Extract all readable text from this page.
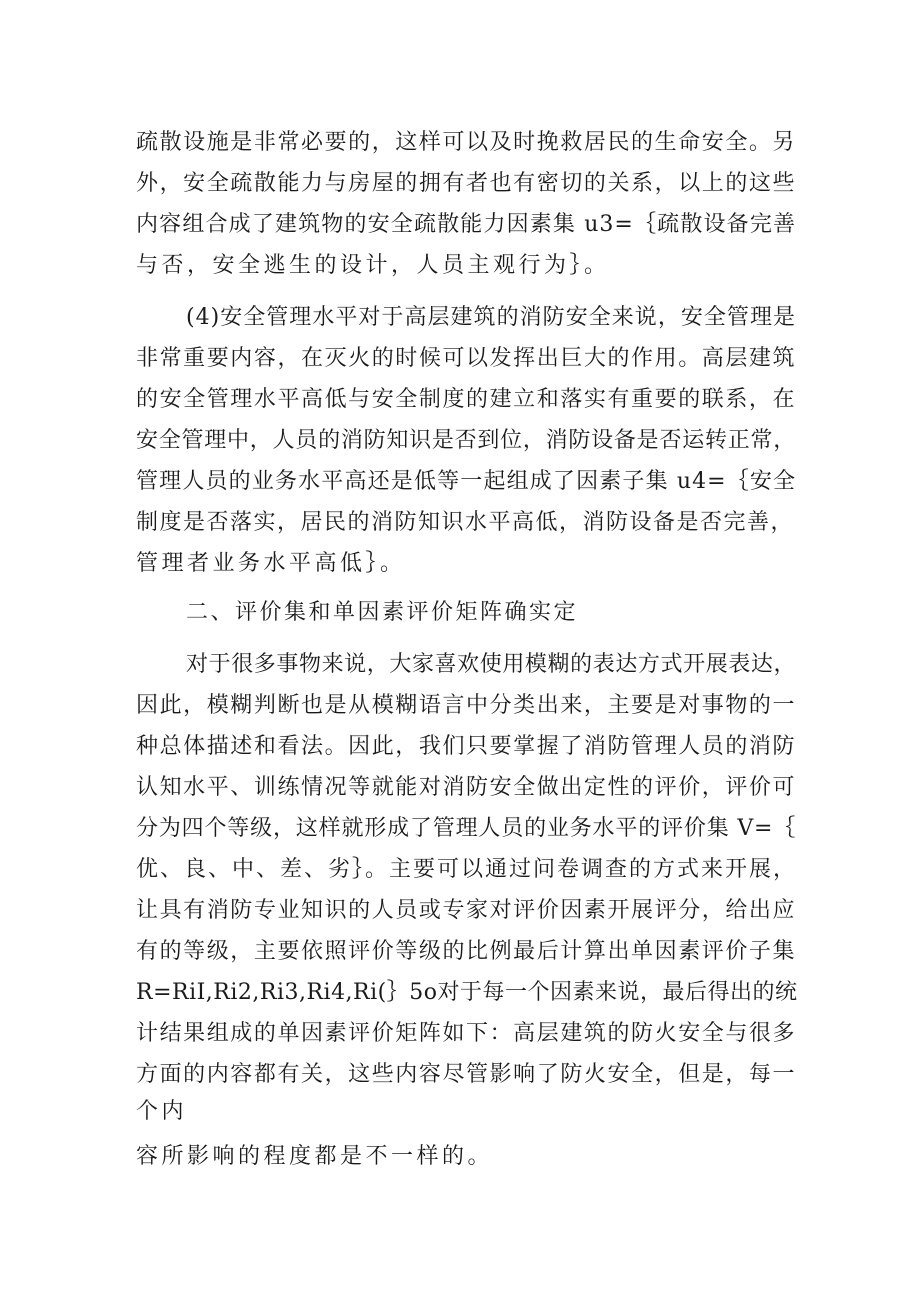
疏散设施是非常必要的，这样可以及时挽救居民的生命安全。另
外，安全疏散能力与房屋的拥有者也有密切的关系，以上的这些
内容组合成了建筑物的安全疏散能力因素集 u3=｛疏散设备完善
与否，安全逃生的设计，人员主观行为｝。
(4)安全管理水平对于高层建筑的消防安全来说，安全管理是
非常重要内容，在灭火的时候可以发挥出巨大的作用。高层建筑
的安全管理水平高低与安全制度的建立和落实有重要的联系，在
安全管理中，人员的消防知识是否到位，消防设备是否运转正常，
管理人员的业务水平高还是低等一起组成了因素子集 u4=｛安全
制度是否落实，居民的消防知识水平高低，消防设备是否完善，
管理者业务水平高低｝。
二、评价集和单因素评价矩阵确实定
对于很多事物来说，大家喜欢使用模糊的表达方式开展表达，
因此，模糊判断也是从模糊语言中分类出来，主要是对事物的一
种总体描述和看法。因此，我们只要掌握了消防管理人员的消防
认知水平、训练情况等就能对消防安全做出定性的评价，评价可
分为四个等级，这样就形成了管理人员的业务水平的评价集 V=｛
优、良、中、差、劣｝。主要可以通过问卷调查的方式来开展，
让具有消防专业知识的人员或专家对评价因素开展评分，给出应
有的等级，主要依照评价等级的比例最后计算出单因素评价子集
R=RiI,Ri2,Ri3,Ri4,Ri(｝5o对于每一个因素来说，最后得出的统
计结果组成的单因素评价矩阵如下：高层建筑的防火安全与很多
方面的内容都有关，这些内容尽管影响了防火安全，但是，每一
个内
容所影响的程度都是不一样的。
